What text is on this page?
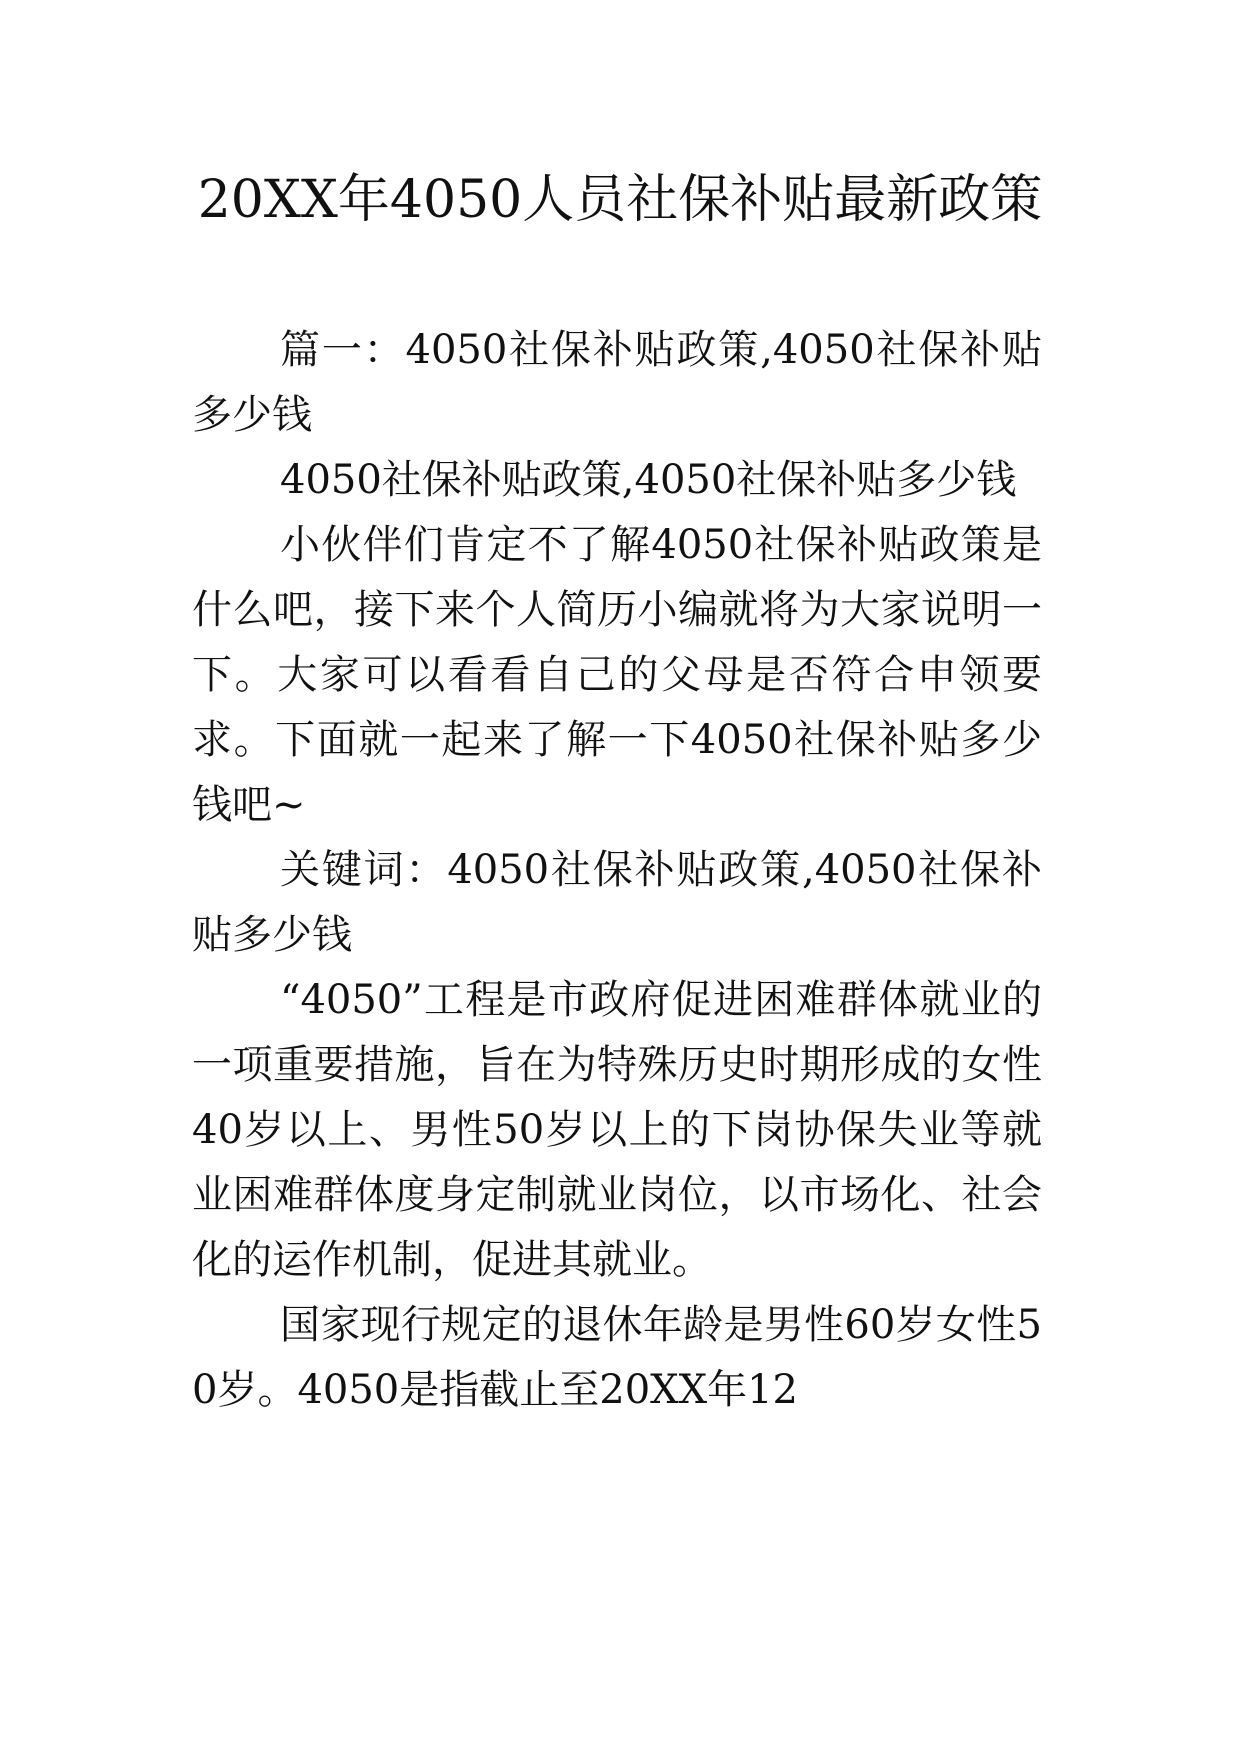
20XX年4050人员社保补贴最新政策

篇一：4050社保补贴政策,4050社保补贴多少钱

4050社保补贴政策,4050社保补贴多少钱

小伙伴们肯定不了解4050社保补贴政策是什么吧，接下来个人简历小编就将为大家说明一下。大家可以看看自己的父母是否符合申领要求。下面就一起来了解一下4050社保补贴多少钱吧~

关键词：4050社保补贴政策,4050社保补贴多少钱

“4050”工程是市政府促进困难群体就业的一项重要措施，旨在为特殊历史时期形成的女性40岁以上、男性50岁以上的下岗协保失业等就业困难群体度身定制就业岗位，以市场化、社会化的运作机制，促进其就业。

国家现行规定的退休年龄是男性60岁女性50岁。4050是指截止至20XX年12
